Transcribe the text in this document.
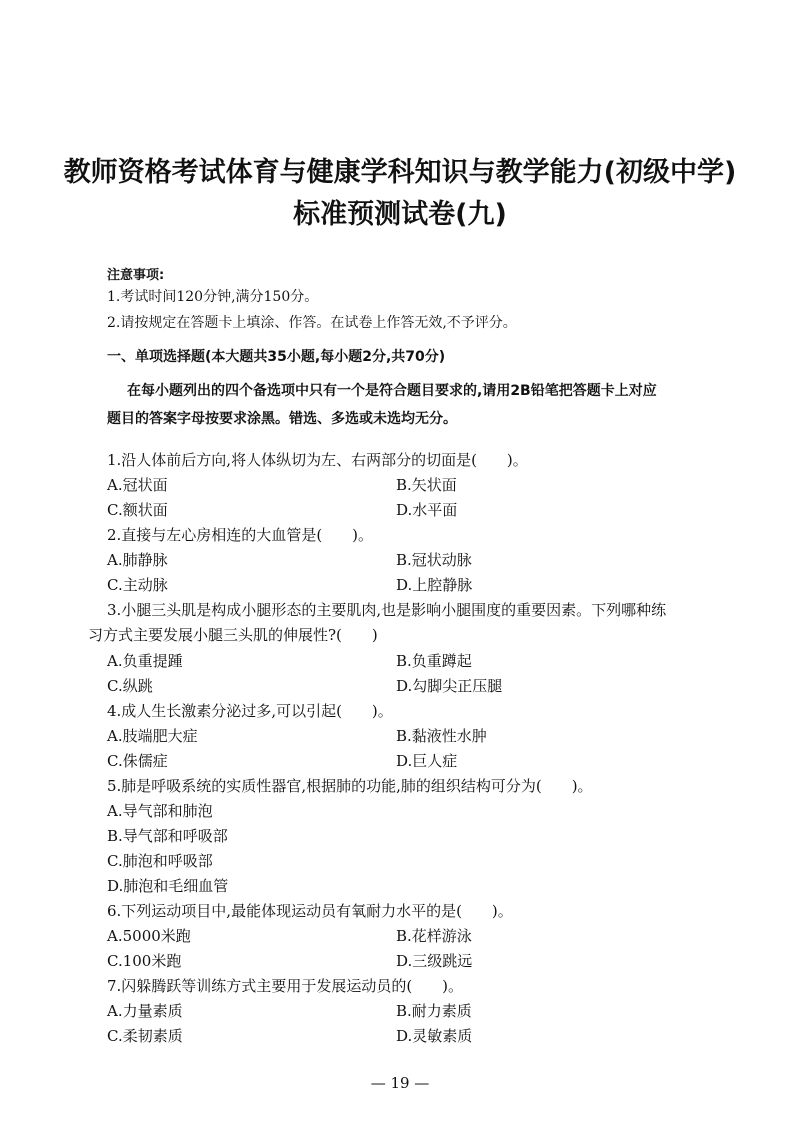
教师资格考试体育与健康学科知识与教学能力(初级中学)
标准预测试卷(九)
注意事项:
1.考试时间120分钟,满分150分。
2.请按规定在答题卡上填涂、作答。在试卷上作答无效,不予评分。
一、单项选择题(本大题共35小题,每小题2分,共70分)
在每小题列出的四个备选项中只有一个是符合题目要求的,请用2B铅笔把答题卡上对应
题目的答案字母按要求涂黑。错选、多选或未选均无分。
1.沿人体前后方向,将人体纵切为左、右两部分的切面是(　　)。
A.冠状面	B.矢状面
C.额状面	D.水平面
2.直接与左心房相连的大血管是(　　)。
A.肺静脉	B.冠状动脉
C.主动脉	D.上腔静脉
3.小腿三头肌是构成小腿形态的主要肌肉,也是影响小腿围度的重要因素。下列哪种练
习方式主要发展小腿三头肌的伸展性?(　　)
A.负重提踵	B.负重蹲起
C.纵跳	D.勾脚尖正压腿
4.成人生长激素分泌过多,可以引起(　　)。
A.肢端肥大症	B.黏液性水肿
C.侏儒症	D.巨人症
5.肺是呼吸系统的实质性器官,根据肺的功能,肺的组织结构可分为(　　)。
A.导气部和肺泡
B.导气部和呼吸部
C.肺泡和呼吸部
D.肺泡和毛细血管
6.下列运动项目中,最能体现运动员有氧耐力水平的是(　　)。
A.5000米跑	B.花样游泳
C.100米跑	D.三级跳远
7.闪躲腾跃等训练方式主要用于发展运动员的(　　)。
A.力量素质	B.耐力素质
C.柔韧素质	D.灵敏素质
— 19 —
